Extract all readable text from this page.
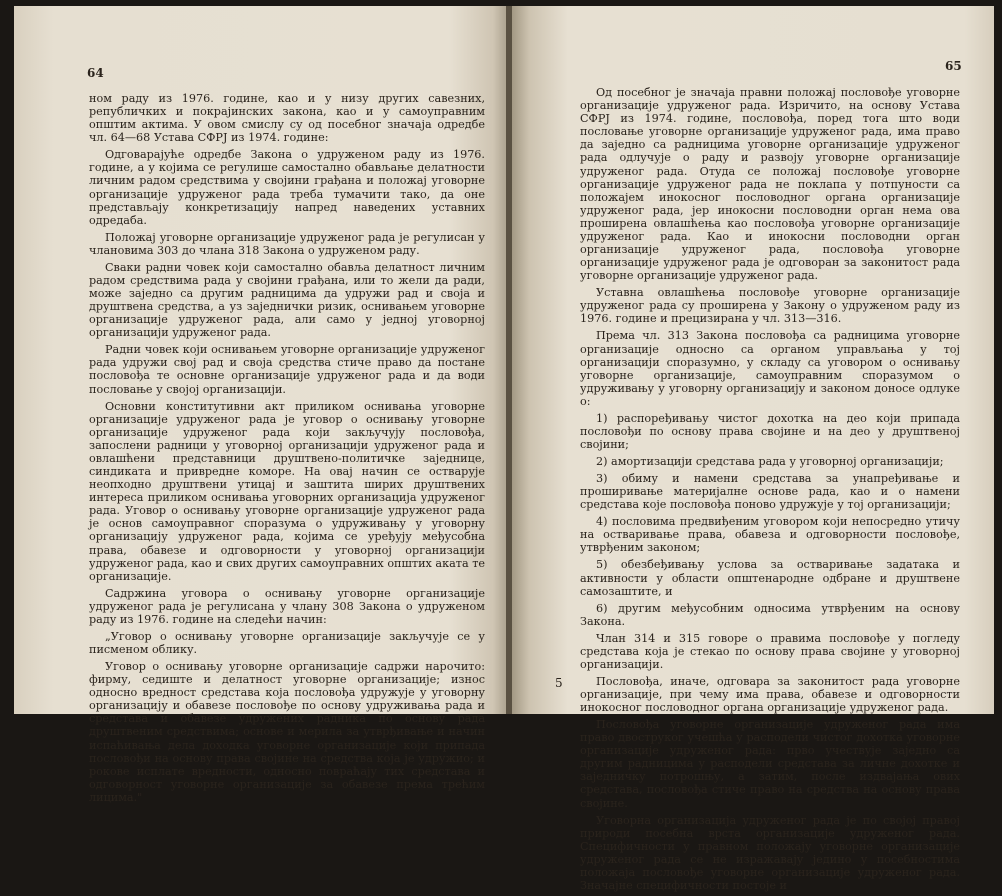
64

ном раду из 1976. године, као и у низу других савезних, републичких и покрајинских закона, као и у самоуправним општим актима. У овом смислу су од посебног значаја одредбе чл. 64—68 Устава СФРЈ из 1974. године:

Одговарајуће одредбе Закона о удруженом раду из 1976. године, а у којима се регулише самостално обављање делатности личним радом средствима у својини грађана и положај уговорне организације удруженог рада треба тумачити тако, да оне представљају конкретизацију напред наведених уставних одредаба.

Положај уговорне организације удруженог рада је регулисан у члановима 303 до члана 318 Закона о удруженом раду.

Сваки радни човек који самостално обавља делатност личним радом средствима рада у својини грађана, или то жели да ради, може заједно са другим радницима да удружи рад и своја и друштвена средства, а уз заједнички ризик, оснивањем уговорне организације удруженог рада, али само у једној уговорној организацији удруженог рада.

Радни човек који оснивањем уговорне организације удруженог рада удружи свој рад и своја средства стиче право да постане пословођа те основне организације удруженог рада и да води пословање у својој организацији.

Основни конститутивни акт приликом оснивања уговорне организације удруженог рада је уговор о оснивању уговорне организације удруженог рада који закључују пословођа, запослени радници у уговорној организацији удруженог рада и овлашћени представници друштвено-политичке заједнице, синдиката и привредне коморе. На овај начин се остварује неопходно друштвени утицај и заштита ширих друштвених интереса приликом оснивања уговорних организација удруженог рада. Уговор о оснивању уговорне организације удруженог рада је основ самоуправног споразума о удруживању у уговорну организацију удруженог рада, којима се уређују међусобна права, обавезе и одговорности у уговорној организацији удруженог рада, као и свих других самоуправних општих аката те организације.

Садржина уговора о оснивању уговорне организације удруженог рада је регулисана у члану 308 Закона о удруженом раду из 1976. године на следећи начин:

„Уговор о оснивању уговорне организације закључује се у писменом облику.

Уговор о оснивању уговорне организације садржи нарочито: фирму, седиште и делатност уговорне организације; износ односно вредност средстава која пословођа удружује у уговорну организацију и обавезе пословође по основу удруживања рада и средстава и обавезе удружених радника по основу рада друштвеним средствима; основе и мерила за утврђивање и начин испаћивања дела доходка уговорне организације који припада пословођи на основу права својине на средства која је удружио; и рокове исплате вредности, односно повраћају тих средстава и одговорност уговорне организације за обавезе према трећим лицима."

65

Од посебног је значаја правни положај пословође уговорне организације удруженог рада. Изричито, на основу Устава СФРЈ из 1974. године, пословођа, поред тога што води пословање уговорне организације удруженог рада, има право да заједно са радницима уговорне организације удруженог рада одлучује о раду и развоју уговорне организације удруженог рада. Отуда се положај пословође уговорне организације удруженог рада не поклапа у потпуности са положајем инокосног пословодног органа организације удруженог рада, јер инокосни пословодни орган нема ова проширена овлашћења као пословођа уговорне организације удруженог рада. Као и инокосни пословодни орган организације удруженог рада, пословођа уговорне организације удруженог рада је одговоран за законитост рада уговорне организације удруженог рада.

Уставна овлашћења пословође уговорне организације удруженог рада су проширена у Закону о удруженом раду из 1976. године и прецизирана у чл. 313—316.

Према чл. 313 Закона пословођа са радницима уговорне организације односно са органом управљања у тој организацији споразумно, у складу са уговором о оснивању уговорне организације, самоуправним споразумом о удруживању у уговорну организацију и законом доносе одлуке о:

1) распоређивању чистог дохотка на део који припада пословођи по основу права својине и на део у друштвеној својини;

2) амортизацији средстава рада у уговорној организацији;

3) обиму и намени средстава за унапређивање и проширивање материјалне основе рада, као и о намени средстава које пословођа поново удружује у тој организацији;

4) пословима предвиђеним уговором који непосредно утичу на остваривање права, обавеза и одговорности пословође, утврђеним законом;

5) обезбеђивању услова за остваривање задатака и активности у области општенародне одбране и друштвене самозаштите, и

6) другим међусобним односима утврђеним на основу Закона.

Члан 314 и 315 говоре о правима пословође у погледу средстава која је стекао по основу права својине у уговорној организацији.

Пословођа, иначе, одговара за законитост рада уговорне организације, при чему има права, обавезе и одговорности инокосног пословодног органа организације удруженог рада.

Пословођа уговорне организације удруженог рада има право двоструког учешћа у расподели чистог дохотка уговорне организације удруженог рада: прво учествује заједно са другим радницима у расподели средстава за личне дохотке и заједничку потрошњу, а затим, после издвајања ових средстава, пословођа стиче право на средства на основу права својине.

Уговорна организација удруженог рада је по својој правој природи посебна врста организације удруженог рада. Специфичности у правном положају уговорне организације удруженог рада се не изражавају једино у посебностима положаја пословође уговорне организације удруженог рада. Значајне специфичности постоје и

5
